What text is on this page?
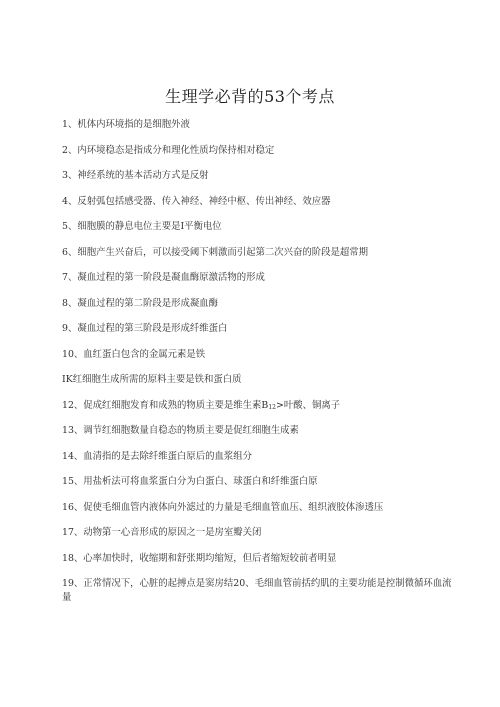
生理学必背的53个考点
1、机体内环境指的是细胞外液
2、内环境稳态是指成分和理化性质均保持相对稳定
3、神经系统的基本活动方式是反射
4、反射弧包括感受器、传入神经、神经中枢、传出神经、效应器
5、细胞膜的静息电位主要是I平衡电位
6、细胞产生兴奋后，可以接受阈下刺激而引起第二次兴奋的阶段是超常期
7、凝血过程的第一阶段是凝血酶原激活物的形成
8、凝血过程的第二阶段是形成凝血酶
9、凝血过程的第三阶段是形成纤维蛋白
10、血红蛋白包含的金属元素是铁
IK红细胞生成所需的原料主要是铁和蛋白质
12、促成红细胞发育和成熟的物质主要是维生素B12>叶酸、铜离子
13、调节红细胞数量自稳态的物质主要是促红细胞生成素
14、血清指的是去除纤维蛋白原后的血浆组分
15、用盐析法可将血浆蛋白分为白蛋白、球蛋白和纤维蛋白原
16、促使毛细血管内液体向外滤过的力量是毛细血管血压、组织液胶体渗透压
17、动物第一心音形成的原因之一是房室瓣关闭
18、心率加快时，收缩期和舒张期均缩短，但后者缩短较前者明显
19、正常情况下，心脏的起搏点是窦房结20、毛细血管前括约肌的主要功能是控制微循环血流量
